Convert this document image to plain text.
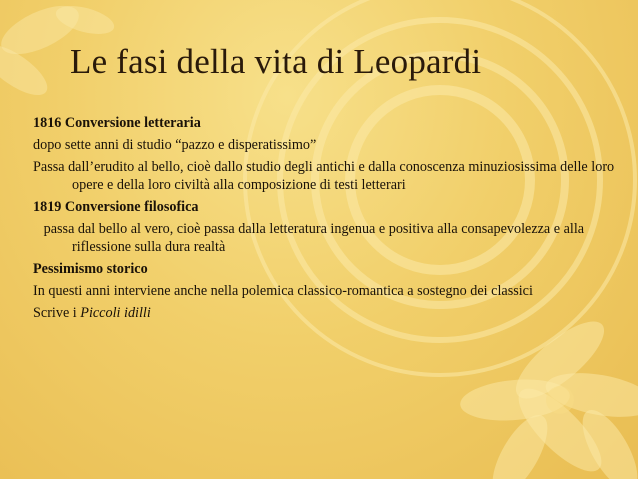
Le fasi della vita di Leopardi

1816 Conversione letteraria

dopo sette anni di studio “pazzo e disperatissimo”

Passa dall’erudito al bello, cioè dallo studio degli antichi e dalla conoscenza minuziosissima delle loro opere e della loro civiltà alla composizione di testi letterari

1819 Conversione filosofica

passa dal bello al vero, cioè passa dalla letteratura ingenua e positiva alla consapevolezza e alla riflessione sulla dura realtà

Pessimismo storico

In questi anni interviene anche nella polemica classico-romantica a sostegno dei classici

Scrive i Piccoli idilli
